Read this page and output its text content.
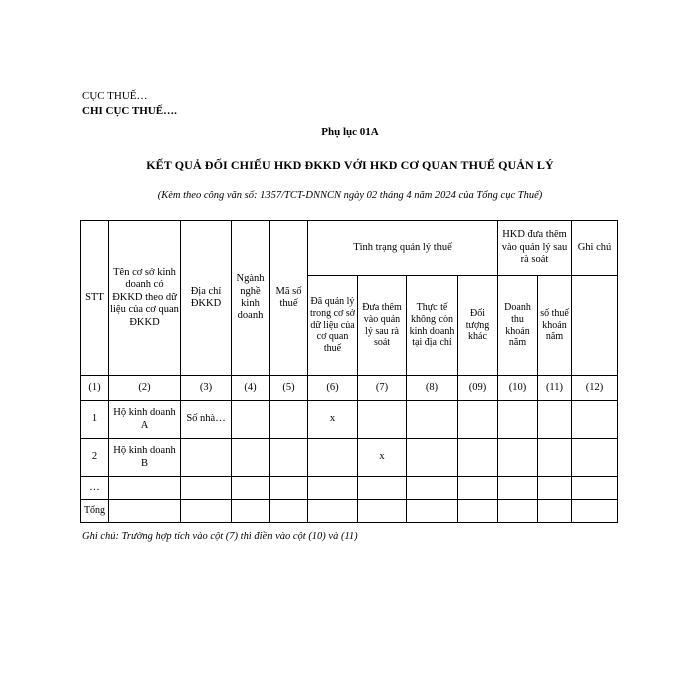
CỤC THUẾ…
CHI CỤC THUẾ….
Phụ lục 01A
KẾT QUẢ ĐỐI CHIẾU HKD ĐKKD VỚI HKD CƠ QUAN THUẾ QUẢN LÝ
(Kèm theo công văn số: 1357/TCT-DNNCN ngày 02 tháng 4 năm 2024 của Tổng cục Thuế)
STT	Tên cơ sở kinh doanh có ĐKKD theo dữ liệu của cơ quan ĐKKD	Địa chỉ ĐKKD	Ngành nghề kinh doanh	Mã số thuế	Tình trạng quản lý thuế				HKD đưa thêm vào quản lý sau rà soát		Ghi chú
					Đã quản lý trong cơ sở dữ liệu của cơ quan thuế	Đưa thêm vào quản lý sau rà soát	Thực tế không còn kinh doanh tại địa chỉ	Đối tượng khác	Doanh thu khoán năm	số thuế khoán năm	
(1)	(2)	(3)	(4)	(5)	(6)	(7)	(8)	(09)	(10)	(11)	(12)
1	Hộ kinh doanh A	Số nhà…			x						
2	Hộ kinh doanh B					x					
…											
Tổng											
Ghi chú: Trường hợp tích vào cột (7) thì điền vào cột (10) và (11)
